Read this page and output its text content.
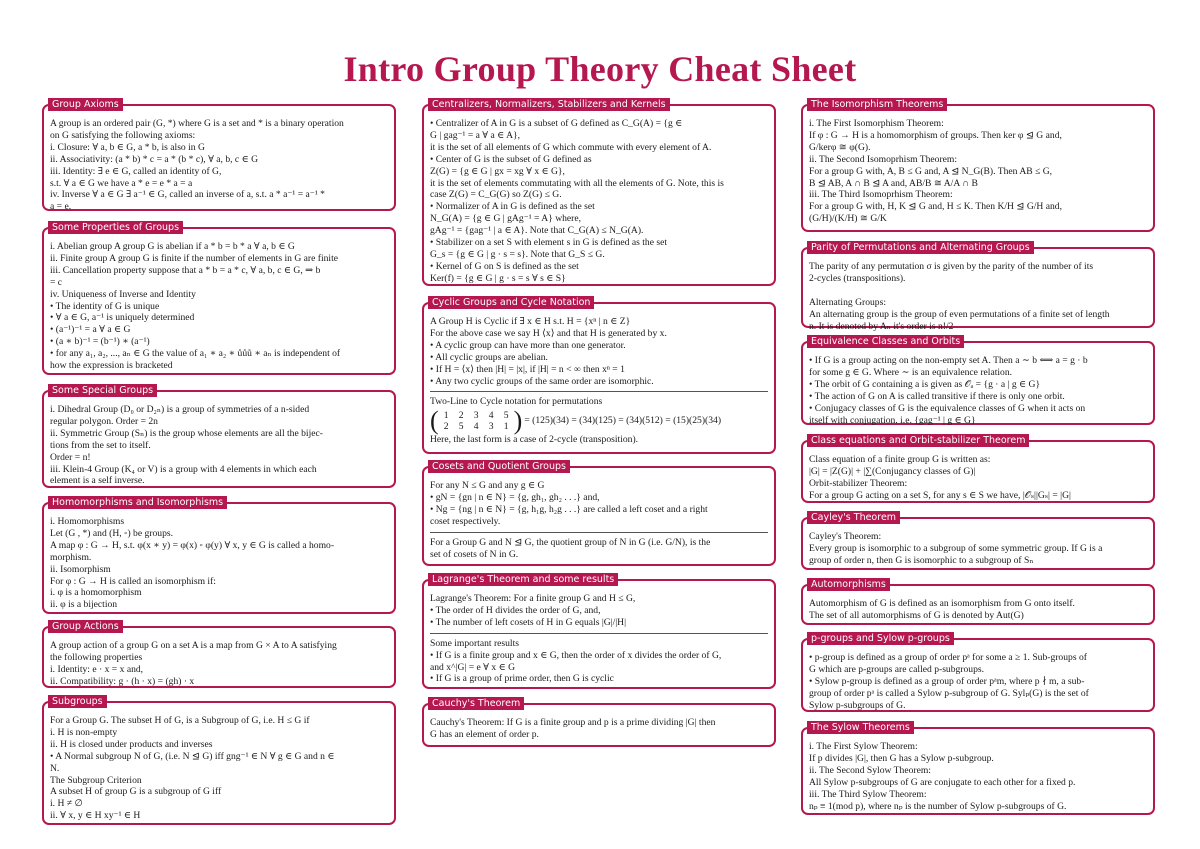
Intro Group Theory Cheat Sheet
Group Axioms
A group is an ordered pair (G, *) where G is a set and * is a binary operation
on G satisfying the following axioms:
i. Closure: ∀ a, b ∈ G, a * b, is also in G
ii. Associativity: (a * b) * c = a * (b * c), ∀ a, b, c ∈ G
iii. Identity: ∃ e ∈ G, called an identity of G,
s.t. ∀ a ∈ G we have a * e = e * a = a
iv. Inverse ∀ a ∈ G ∃ a⁻¹ ∈ G, called an inverse of a, s.t. a * a⁻¹ = a⁻¹ *
a = e.
Some Properties of Groups
i. Abelian group A group G is abelian if a * b = b * a ∀ a, b ∈ G
ii. Finite group A group G is finite if the number of elements in G are finite
iii. Cancellation property suppose that a * b = a * c, ∀ a, b, c ∈ G, ⇒ b
= c
iv. Uniqueness of Inverse and Identity
• The identity of G is unique
• ∀ a ∈ G, a⁻¹ is uniquely determined
• (a⁻¹)⁻¹ = a ∀ a ∈ G
• (a ∗ b)⁻¹ = (b⁻¹) ∗ (a⁻¹)
• for any a₁, a₂, ..., aₙ ∈ G the value of a₁ ∗ a₂ ∗ ůůů ∗ aₙ is independent of
how the expression is bracketed
Some Special Groups
i. Dihedral Group (D₀ or D₂ₙ) is a group of symmetries of a n-sided
regular polygon. Order = 2n
ii. Symmetric Group (Sₙ) is the group whose elements are all the bijec-
tions from the set to itself.
Order = n!
iii. Klein-4 Group (K₄ or V) is a group with 4 elements in which each
element is a self inverse.
Homomorphisms and Isomorphisms
i. Homomorphisms
Let (G , *) and (H, ◦) be groups.
A map φ : G → H, s.t. φ(x ∗ y) = φ(x) ◦ φ(y) ∀ x, y ∈ G is called a homo-
morphism.
ii. Isomorphism
For φ : G → H is called an isomorphism if:
i. φ is a homomorphism
ii. φ is a bijection
Group Actions
A group action of a group G on a set A is a map from G × A to A satisfying
the following properties
i. Identity: e · x = x and,
ii. Compatibility: g · (h · x) = (gh) · x
Subgroups
For a Group G. The subset H of G, is a Subgroup of G, i.e. H ≤ G if
i. H is non-empty
ii. H is closed under products and inverses
• A Normal subgroup N of G, (i.e. N ⊴ G) iff gng⁻¹ ∈ N ∀ g ∈ G and n ∈
N.
The Subgroup Criterion
A subset H of group G is a subgroup of G iff
i. H ≠ ∅
ii. ∀ x, y ∈ H xy⁻¹ ∈ H
Centralizers, Normalizers, Stabilizers and Kernels
• Centralizer of A in G is a subset of G defined as C_G(A) = {g ∈
G | gag⁻¹ = a ∀ a ∈ A},
it is the set of all elements of G which commute with every element of A.
• Center of G is the subset of G defined as
Z(G) = {g ∈ G | gx = xg ∀ x ∈ G},
it is the set of elements commutating with all the elements of G. Note, this is
case Z(G) = C_G(G) so Z(G) ≤ G.
• Normalizer of A in G is defined as the set
N_G(A) = {g ∈ G | gAg⁻¹ = A} where,
gAg⁻¹ = {gag⁻¹ | a ∈ A}. Note that C_G(A) ≤ N_G(A).
• Stabilizer on a set S with element s in G is defined as the set
G_s = {g ∈ G | g · s = s}. Note that G_S ≤ G.
• Kernel of G on S is defined as the set
Ker(f) = {g ∈ G | g · s = s ∀ s ∈ S}
Cyclic Groups and Cycle Notation
A Group H is Cyclic if ∃ x ∈ H s.t. H = {xⁿ | n ∈ Z}
For the above case we say H ⟨x⟩ and that H is generated by x.
• A cyclic group can have more than one generator.
• All cyclic groups are abelian.
• If H = ⟨x⟩ then |H| = |x|, if |H| = n < ∞ then xⁿ = 1
• Any two cyclic groups of the same order are isomorphic.
Two-Line to Cycle notation for permutations
( 1	2	3	4	5
2	5	4	3	1 ) = (125)(34) = (34)(125) = (34)(512) = (15)(25)(34)
Here, the last form is a case of 2-cycle (transposition).
Cosets and Quotient Groups
For any N ≤ G and any g ∈ G
• gN = {gn | n ∈ N} = {g, gh₁, gh₂ . . .} and,
• Ng = {ng | n ∈ N} = {g, h₁g, h₂g . . .} are called a left coset and a right
coset respectively.
For a Group G and N ⊴ G, the quotient group of N in G (i.e. G/N), is the
set of cosets of N in G.
Lagrange's Theorem and some results
Lagrange's Theorem: For a finite group G and H ≤ G,
• The order of H divides the order of G, and,
• The number of left cosets of H in G equals |G|/|H|
Some important results
• If G is a finite group and x ∈ G, then the order of x divides the order of G,
and x^|G| = e ∀ x ∈ G
• If G is a group of prime order, then G is cyclic
Cauchy's Theorem
Cauchy's Theorem: If G is a finite group and p is a prime dividing |G| then
G has an element of order p.
The Isomorphism Theorems
i. The First Isomorphism Theorem:
If φ : G → H is a homomorphism of groups. Then ker φ ⊴ G and,
G/kerφ ≅ φ(G).
ii. The Second Isomoprhism Theorem:
For a group G with, A, B ≤ G and, A ⊴ N_G(B). Then AB ≤ G,
B ⊴ AB, A ∩ B ⊴ A and, AB/B ≅ A/A ∩ B
iii. The Third Isomoprhism Theorem:
For a group G with, H, K ⊴ G and, H ≤ K. Then K/H ⊴ G/H and,
(G/H)/(K/H) ≅ G/K
Parity of Permutations and Alternating Groups
The parity of any permutation σ is given by the parity of the number of its
2-cycles (transpositions).

Alternating Groups:
An alternating group is the group of even permutations of a finite set of length
n. It is denoted by Aₙ it's order is n!/2
Equivalence Classes and Orbits
• If G is a group acting on the non-empty set A. Then a ∼ b ⟺ a = g · b
for some g ∈ G. Where ∼ is an equivalence relation.
• The orbit of G containing a is given as 𝒪ₐ = {g · a | g ∈ G}
• The action of G on A is called transitive if there is only one orbit.
• Conjugacy classes of G is the equivalence classes of G when it acts on
itself with conjugation. i.e. {gag⁻¹ | g ∈ G}
Class equations and Orbit-stabilizer Theorem
Class equation of a finite group G is written as:
|G| = |Z(G)| + |∑(Conjugancy classes of G)|
Orbit-stabilizer Theorem:
For a group G acting on a set S, for any s ∈ S we have, |𝒪ₛ||Gₛ| = |G|
Cayley's Theorem
Cayley's Theorem:
Every group is isomorphic to a subgroup of some symmetric group. If G is a
group of order n, then G is isomorphic to a subgroup of Sₙ
Automorphisms
Automorphism of G is defined as an isomorphism from G onto itself.
The set of all automorphisms of G is denoted by Aut(G)
p-groups and Sylow p-groups
• p-group is defined as a group of order pᵃ for some a ≥ 1. Sub-groups of
G which are p-groups are called p-subgroups.
• Sylow p-group is defined as a group of order pᵃm, where p ∤ m, a sub-
group of order pᵃ is called a Sylow p-subgroup of G. Sylₚ(G) is the set of
Sylow p-subgroups of G.
The Sylow Theorems
i. The First Sylow Theorem:
If p divides |G|, then G has a Sylow p-subgroup.
ii. The Second Sylow Theorem:
All Sylow p-subgroups of G are conjugate to each other for a fixed p.
iii. The Third Sylow Theorem:
nₚ ≡ 1(mod p), where nₚ is the number of Sylow p-subgroups of G.
